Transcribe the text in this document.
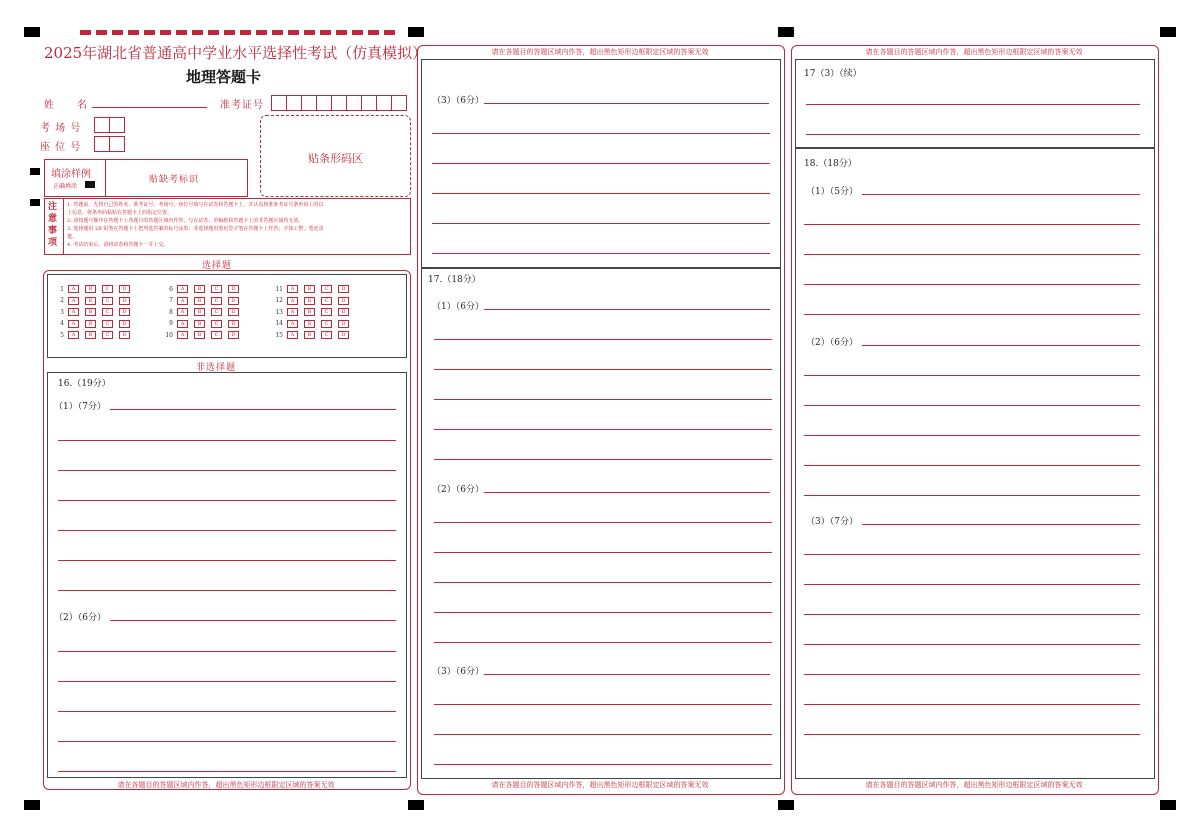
2025年湖北省普通高中学业水平选择性考试（仿真模拟）
地理答题卡
姓　　名	准考证号
考 场 号
座 位 号
贴条形码区
填涂样例
正确填涂
贴缺考标识
注
意
事
项
1. 答题前，先将自己的姓名、准考证号、考场号、座位号填写在试卷和答题卡上，并认真核准准考证号条形码上的以
上信息，将条形码粘贴在答题卡上的指定位置。
2. 请按题号顺序在答题卡上各题目的答题区域内作答，写在试卷、草稿纸和答题卡上的非答题区域均无效。
3. 选择题用 2B 铅笔在答题卡上把所选答案的标号涂黑；非选择题用黑色签字笔在答题卡上作答；字体工整，笔迹清
楚。
4. 考试结束后，请将试卷和答题卡一并上交。
选择题
1	A	B	C	D
2	A	B	C	D
3	A	B	C	D
4	A	B	C	D
5	A	B	C	D
6	A	B	C	D
7	A	B	C	D
8	A	B	C	D
9	A	B	C	D
10	A	B	C	D
11	A	B	C	D
12	A	B	C	D
13	A	B	C	D
14	A	B	C	D
15	A	B	C	D
非选择题
16.（19分）
（1）（7分）
（2）（6分）
请在各题目的答题区域内作答，超出黑色矩形边框限定区域的答案无效
请在各题目的答题区域内作答，超出黑色矩形边框限定区域的答案无效
（3）（6分）
17.（18分）
（1）（6分）
（2）（6分）
（3）（6分）
请在各题目的答题区域内作答，超出黑色矩形边框限定区域的答案无效
请在各题目的答题区域内作答，超出黑色矩形边框限定区域的答案无效
17（3）（续）
18.（18分）
（1）（5分）
（2）（6分）
（3）（7分）
请在各题目的答题区域内作答，超出黑色矩形边框限定区域的答案无效
